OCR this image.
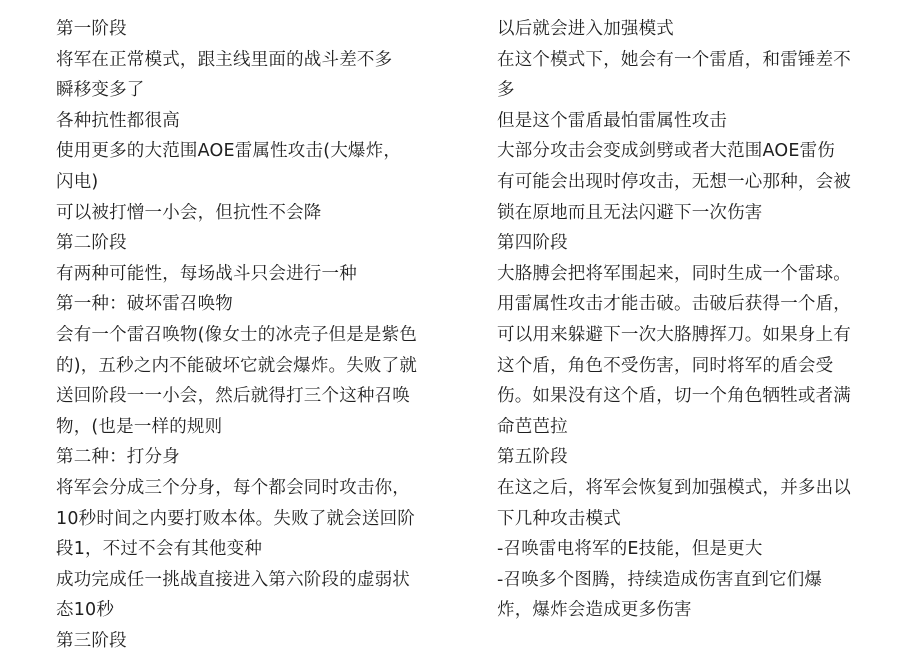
第一阶段
将军在正常模式，跟主线里面的战斗差不多
瞬移变多了
各种抗性都很高
使用更多的大范围AOE雷属性攻击(大爆炸，
闪电)
可以被打憎一小会，但抗性不会降
第二阶段
有两种可能性，每场战斗只会进行一种
第一种：破坏雷召唤物
会有一个雷召唤物(像女士的冰壳子但是是紫色
的)，五秒之内不能破坏它就会爆炸。失败了就
送回阶段一一小会，然后就得打三个这种召唤
物，(也是一样的规则
第二种：打分身
将军会分成三个分身，每个都会同时攻击你，
10秒时间之内要打败本体。失败了就会送回阶
段1，不过不会有其他变种
成功完成任一挑战直接进入第六阶段的虚弱状
态10秒
第三阶段
以后就会进入加强模式
在这个模式下，她会有一个雷盾，和雷锤差不
多
但是这个雷盾最怕雷属性攻击
大部分攻击会变成剑劈或者大范围AOE雷伤
有可能会出现时停攻击，无想一心那种，会被
锁在原地而且无法闪避下一次伤害
第四阶段
大胳膊会把将军围起来，同时生成一个雷球。
用雷属性攻击才能击破。击破后获得一个盾，
可以用来躲避下一次大胳膊挥刀。如果身上有
这个盾，角色不受伤害，同时将军的盾会受
伤。如果没有这个盾，切一个角色牺牲或者满
命芭芭拉
第五阶段
在这之后，将军会恢复到加强模式，并多出以
下几种攻击模式
-召唤雷电将军的E技能，但是更大
-召唤多个图腾，持续造成伤害直到它们爆
炸，爆炸会造成更多伤害
